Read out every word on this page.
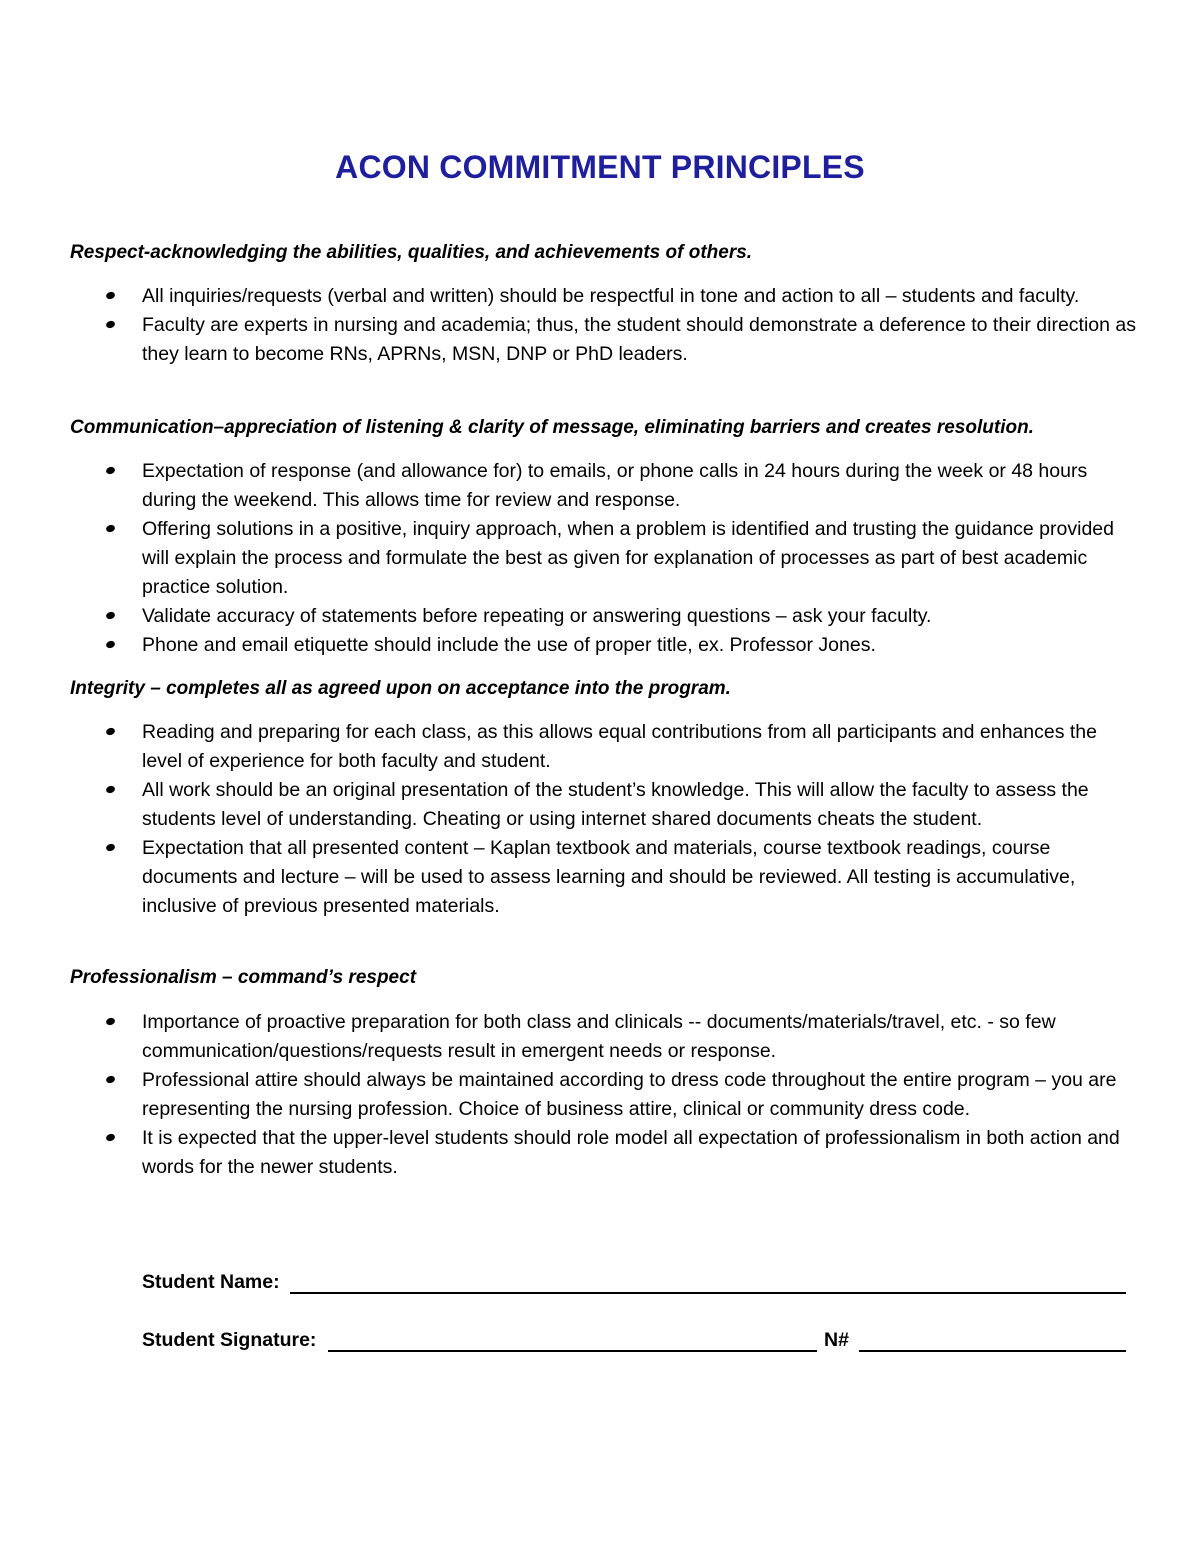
ACON COMMITMENT PRINCIPLES
Respect-acknowledging the abilities, qualities, and achievements of others.
All inquiries/requests (verbal and written) should be respectful in tone and action to all – students and faculty.
Faculty are experts in nursing and academia; thus, the student should demonstrate a deference to their direction as they learn to become RNs, APRNs, MSN, DNP or PhD leaders.
Communication–appreciation of listening & clarity of message, eliminating barriers and creates resolution.
Expectation of response (and allowance for) to emails, or phone calls in 24 hours during the week or 48 hours during the weekend. This allows time for review and response.
Offering solutions in a positive, inquiry approach, when a problem is identified and trusting the guidance provided will explain the process and formulate the best as given for explanation of processes as part of best academic practice solution.
Validate accuracy of statements before repeating or answering questions – ask your faculty.
Phone and email etiquette should include the use of proper title, ex. Professor Jones.
Integrity – completes all as agreed upon on acceptance into the program.
Reading and preparing for each class, as this allows equal contributions from all participants and enhances the level of experience for both faculty and student.
All work should be an original presentation of the student’s knowledge. This will allow the faculty to assess the students level of understanding. Cheating or using internet shared documents cheats the student.
Expectation that all presented content – Kaplan textbook and materials, course textbook readings, course documents and lecture – will be used to assess learning and should be reviewed. All testing is accumulative, inclusive of previous presented materials.
Professionalism – command’s respect
Importance of proactive preparation for both class and clinicals -- documents/materials/travel, etc. - so few communication/questions/requests result in emergent needs or response.
Professional attire should always be maintained according to dress code throughout the entire program – you are representing the nursing profession. Choice of business attire, clinical or community dress code.
It is expected that the upper-level students should role model all expectation of professionalism in both action and words for the newer students.
Student Name:
Student Signature:	N#
